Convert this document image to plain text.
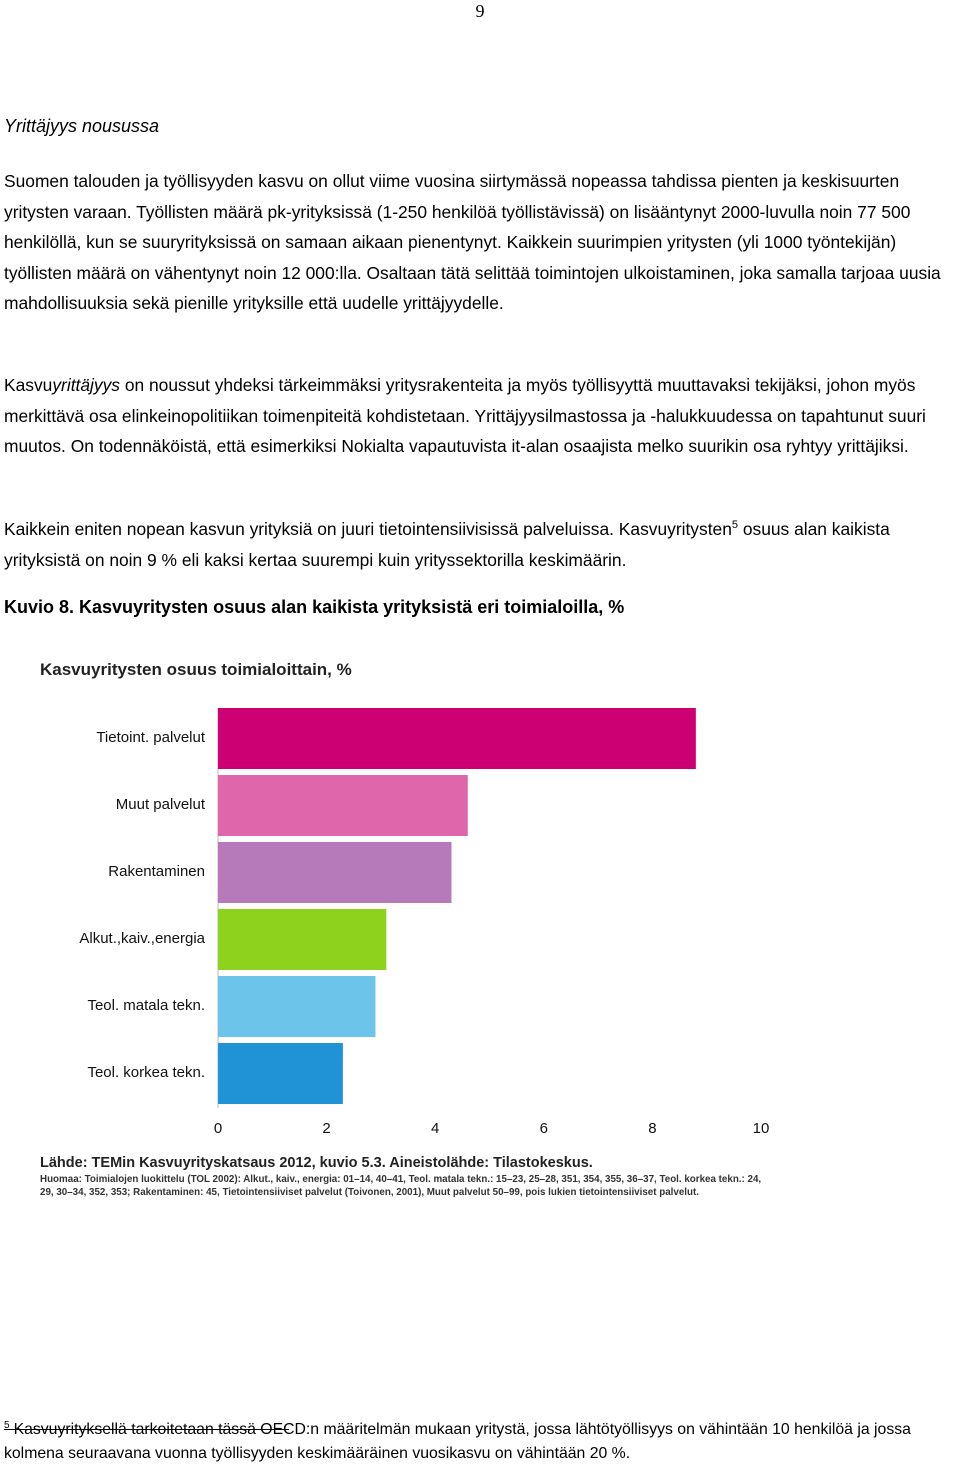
9
Yrittäjyys nousussa

Suomen talouden ja työllisyyden kasvu on ollut viime vuosina siirtymässä nopeassa tahdissa pienten ja keskisuurten yritysten varaan. Työllisten määrä pk-yrityksissä (1-250 henkilöä työllistävissä) on lisääntynyt 2000-luvulla noin 77 500 henkilöllä, kun se suuryrityksissä on samaan aikaan pienentynyt. Kaikkein suurimpien yritysten (yli 1000 työntekijän) työllisten määrä on vähentynyt noin 12 000:lla. Osaltaan tätä selittää toimintojen ulkoistaminen, joka samalla tarjoaa uusia mahdollisuuksia sekä pienille yrityksille että uudelle yrittäjyydelle.

Kasvuyrittäjyys on noussut yhdeksi tärkeimmäksi yritysrakenteita ja myös työllisyyttä muuttavaksi tekijäksi, johon myös merkittävä osa elinkeinopolitiikan toimenpiteitä kohdistetaan. Yrittäjyysilmastossa ja -halukkuudessa on tapahtunut suuri muutos. On todennäköistä, että esimerkiksi Nokialta vapautuvista it-alan osaajista melko suurikin osa ryhtyy yrittäjiksi.

Kaikkein eniten nopean kasvun yrityksiä on juuri tietointensiivisissä palveluissa. Kasvuyritysten$^5$ osuus alan kaikista yrityksistä on noin 9 % eli kaksi kertaa suurempi kuin yrityssektorilla keskimäärin.

Kuvio 8. Kasvuyritysten osuus alan kaikista yrityksistä eri toimialoilla, %
Kasvuyritysten osuus toimialoittain, %
Tietoint. palvelut
Muut palvelut
Rakentaminen
Alkut.,kaiv.,energia
Teol. matala tekn.
Teol. korkea tekn.
0	2	4	6	8	10
Lähde: TEMin Kasvuyrityskatsaus 2012, kuvio 5.3. Aineistolähde: Tilastokeskus.
Huomaa: Toimialojen luokittelu (TOL 2002): Alkut., kaiv., energia: 01–14, 40–41, Teol. matala tekn.: 15–23, 25–28, 351, 354, 355, 36–37, Teol. korkea tekn.: 24, 29, 30–34, 352, 353; Rakentaminen: 45, Tietointensiiviset palvelut (Toivonen, 2001), Muut palvelut 50–99, pois lukien tietointensiiviset palvelut.
$^5$ Kasvuyrityksellä tarkoitetaan tässä OECD:n määritelmän mukaan yritystä, jossa lähtötyöllisyys on vähintään 10 henkilöä ja jossa kolmena seuraavana vuonna työllisyyden keskimääräinen vuosikasvu on vähintään 20 %.
